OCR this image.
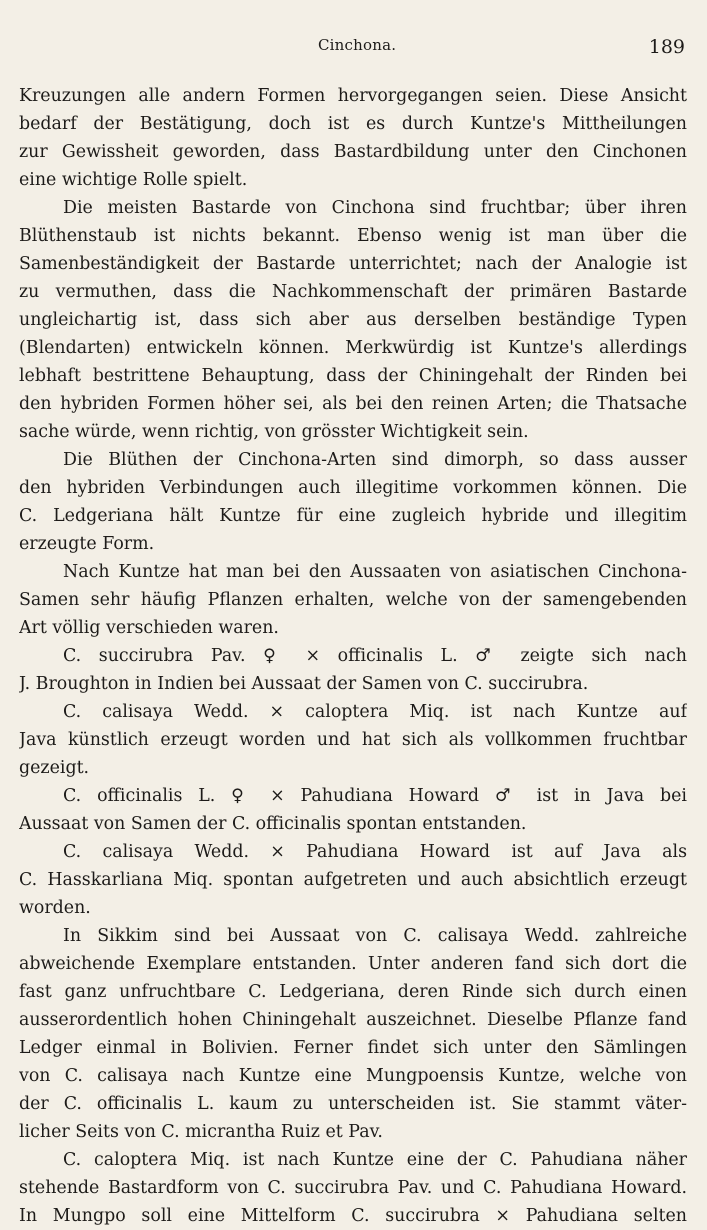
Cinchona.	189
Kreuzungen alle andern Formen hervorgegangen seien. Diese Ansicht
bedarf der Bestätigung, doch ist es durch Kuntze's Mittheilungen
zur Gewissheit geworden, dass Bastardbildung unter den Cinchonen
eine wichtige Rolle spielt.
Die meisten Bastarde von Cinchona sind fruchtbar; über ihren
Blüthenstaub ist nichts bekannt. Ebenso wenig ist man über die
Samenbeständigkeit der Bastarde unterrichtet; nach der Analogie ist
zu vermuthen, dass die Nachkommenschaft der primären Bastarde
ungleichartig ist, dass sich aber aus derselben beständige Typen
(Blendarten) entwickeln können. Merkwürdig ist Kuntze's allerdings
lebhaft bestrittene Behauptung, dass der Chiningehalt der Rinden bei
den hybriden Formen höher sei, als bei den reinen Arten; die Thatsache
sache würde, wenn richtig, von grösster Wichtigkeit sein.
Die Blüthen der Cinchona-Arten sind dimorph, so dass ausser
den hybriden Verbindungen auch illegitime vorkommen können. Die
C. Ledgeriana hält Kuntze für eine zugleich hybride und illegitim
erzeugte Form.
Nach Kuntze hat man bei den Aussaaten von asiatischen Cinchona-
Samen sehr häufig Pflanzen erhalten, welche von der samengebenden
Art völlig verschieden waren.
C. succirubra Pav. ♀ × officinalis L. ♂ zeigte sich nach
J. Broughton in Indien bei Aussaat der Samen von C. succirubra.
C. calisaya Wedd. × caloptera Miq. ist nach Kuntze auf
Java künstlich erzeugt worden und hat sich als vollkommen fruchtbar
gezeigt.
C. officinalis L. ♀ × Pahudiana Howard ♂ ist in Java bei
Aussaat von Samen der C. officinalis spontan entstanden.
C. calisaya Wedd. × Pahudiana Howard ist auf Java als
C. Hasskarliana Miq. spontan aufgetreten und auch absichtlich erzeugt
worden.
In Sikkim sind bei Aussaat von C. calisaya Wedd. zahlreiche
abweichende Exemplare entstanden. Unter anderen fand sich dort die
fast ganz unfruchtbare C. Ledgeriana, deren Rinde sich durch einen
ausserordentlich hohen Chiningehalt auszeichnet. Dieselbe Pflanze fand
Ledger einmal in Bolivien. Ferner findet sich unter den Sämlingen
von C. calisaya nach Kuntze eine Mungpoensis Kuntze, welche von
der C. officinalis L. kaum zu unterscheiden ist. Sie stammt väter-
licher Seits von C. micrantha Ruiz et Pav.
C. caloptera Miq. ist nach Kuntze eine der C. Pahudiana näher
stehende Bastardform von C. succirubra Pav. und C. Pahudiana Howard.
In Mungpo soll eine Mittelform C. succirubra × Pahudiana selten
